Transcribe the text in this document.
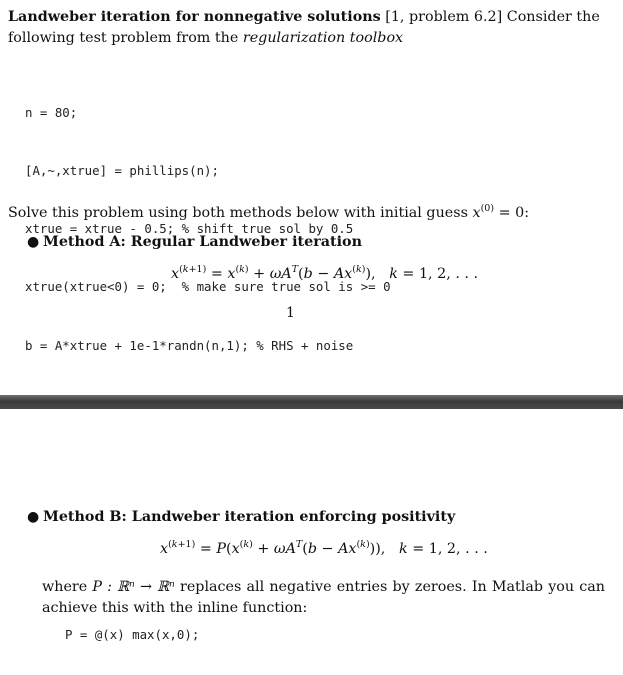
Landweber iteration for nonnegative solutions [1, problem 6.2] Consider the following test problem from the regularization toolbox

n = 80;

[A,~,xtrue] = phillips(n);

xtrue = xtrue - 0.5; % shift true sol by 0.5

xtrue(xtrue<0) = 0;  % make sure true sol is >= 0

b = A*xtrue + 1e-1*randn(n,1); % RHS + noise

Solve this problem using both methods below with initial guess $x^{(0)} = 0$:
● Method A: Regular Landweber iteration
$x^{(k+1)} = x^{(k)} + \omega A^T(b - Ax^{(k)})$,   k = 1, 2, . . .
1
● Method B: Landweber iteration enforcing positivity
$x^{(k+1)} = P(x^{(k)} + \omega A^T(b - Ax^{(k)}))$,   k = 1, 2, . . .
where P : ℝⁿ → ℝⁿ replaces all negative entries by zeroes. In Matlab you can achieve this with the inline function:
P = @(x) max(x,0);
